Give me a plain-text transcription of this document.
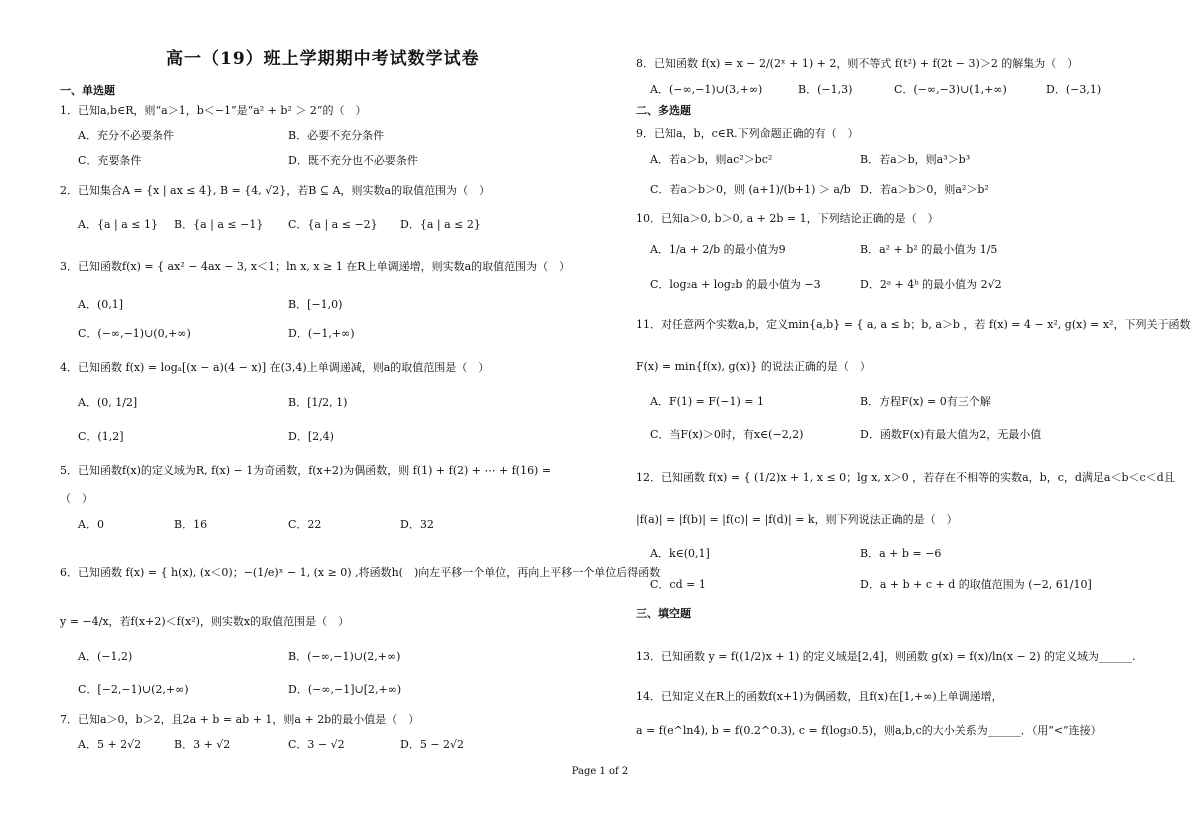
高一（19）班上学期期中考试数学试卷
一、单选题
1．已知a,b∈R，则“a＞1，b＜−1”是“a² + b² ＞ 2”的（　）
A．充分不必要条件	B．必要不充分条件
C．充要条件	D．既不充分也不必要条件
2．已知集合A = {x | ax ≤ 4}, B = {4, √2}，若B ⊆ A，则实数a的取值范围为（　）
A．{a | a ≤ 1} B．{a | a ≤ −1} C．{a | a ≤ −2} D．{a | a ≤ 2}
3．已知函数f(x) = { ax² − 4ax − 3, x＜1；ln x, x ≥ 1 在R上单调递增，则实数a的取值范围为（　）
A．(0,1]	B．[−1,0)
C．(−∞,−1)∪(0,+∞)	D．(−1,+∞)
4．已知函数 f(x) = logₐ[(x − a)(4 − x)] 在(3,4)上单调递减，则a的取值范围是（　）
A．(0, 1/2]	B．[1/2, 1)
C．(1,2]	D．[2,4)
5．已知函数f(x)的定义域为R, f(x) − 1为奇函数，f(x+2)为偶函数，则 f(1) + f(2) + ⋯ + f(16) =
（　）
A．0	B．16	C．22	D．32
6．已知函数 f(x) = { h(x), (x＜0)；−(1/e)ˣ − 1, (x ≥ 0) ,将函数h(　)向左平移一个单位，再向上平移一个单位后得函数
y = −4/x，若f(x+2)＜f(x²)，则实数x的取值范围是（　）
A．(−1,2)	B．(−∞,−1)∪(2,+∞)
C．[−2,−1)∪(2,+∞)	D．(−∞,−1]∪[2,+∞)
7．已知a＞0，b＞2，且2a + b = ab + 1，则a + 2b的最小值是（　）
A．5 + 2√2	B．3 + √2	C．3 − √2	D．5 − 2√2
8．已知函数 f(x) = x − 2/(2ˣ + 1) + 2，则不等式 f(t²) + f(2t − 3)＞2 的解集为（　）
A．(−∞,−1)∪(3,+∞)	B．(−1,3)	C．(−∞,−3)∪(1,+∞)	D．(−3,1)
二、多选题
9．已知a，b，c∈R.下列命题正确的有（　）
A．若a＞b，则ac²＞bc²	B．若a＞b，则a³＞b³
C．若a＞b＞0，则 (a+1)/(b+1) ＞ a/b D．若a＞b＞0，则a²＞b²
10．已知a＞0, b＞0, a + 2b = 1，下列结论正确的是（　）
A．1/a + 2/b 的最小值为9	B．a² + b² 的最小值为 1/5
C．log₂a + log₂b 的最小值为 −3	D．2ᵃ + 4ᵇ 的最小值为 2√2
11．对任意两个实数a,b，定义min{a,b} = { a, a ≤ b；b, a＞b ，若 f(x) = 4 − x², g(x) = x²，下列关于函数
F(x) = min{f(x), g(x)} 的说法正确的是（　）
A．F(1) = F(−1) = 1	B．方程F(x) = 0有三个解
C．当F(x)＞0时，有x∈(−2,2)	D．函数F(x)有最大值为2，无最小值
12．已知函数 f(x) = { (1/2)x + 1, x ≤ 0；lg x, x＞0 ，若存在不相等的实数a，b，c，d满足a＜b＜c＜d且
|f(a)| = |f(b)| = |f(c)| = |f(d)| = k，则下列说法正确的是（　）
A．k∈(0,1]	B．a + b = −6
C．cd = 1	D．a + b + c + d 的取值范围为 (−2, 61/10]
三、填空题
13．已知函数 y = f((1/2)x + 1) 的定义域是[2,4]，则函数 g(x) = f(x)/ln(x − 2) 的定义域为______.
14．已知定义在R上的函数f(x+1)为偶函数，且f(x)在[1,+∞)上单调递增，
a = f(e^ln4), b = f(0.2^0.3), c = f(log₃0.5)，则a,b,c的大小关系为______．（用“<”连接）
Page 1 of 2
